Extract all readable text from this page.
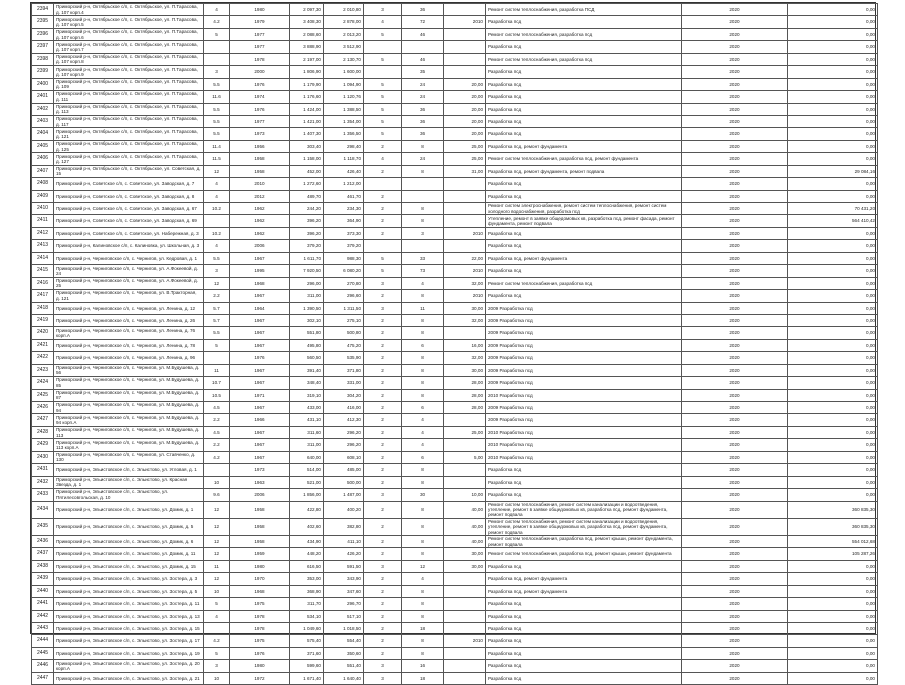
2394	Приморский р-н, Октябрьское с/п, с. Октябрьское, ул. П.Тарасова, д. 107 корп.4	4	1980	2 097,30	2 010,80	3	36		Ремонт систем теплоснабжения, разработка ПСД	2020	0,00
2395	Приморский р-н, Октябрьское с/п, с. Октябрьское, ул. П.Тарасова, д. 107 корп.5	4.2	1979	3 408,30	2 878,00	4	72	2010	Разработка псд	2020	0,00
2396	Приморский р-н, Октябрьское с/п, с. Октябрьское, ул. П.Тарасова, д. 107 корп.6	5	1977	2 088,60	2 013,20	5	46		Ремонт систем теплоснабжения, разработка псд	2020	0,00
2397	Приморский р-н, Октябрьское с/п, с. Октябрьское, ул. П.Тарасова, д. 107 корп.7		1977	3 888,90	3 512,90				Разработка псд	2020	0,00
2398	Приморский р-н, Октябрьское с/п, с. Октябрьское, ул. П.Тарасова, д. 107 корп.8		1978	2 197,00	2 130,70	5	46		Ремонт систем теплоснабжения, разработка псд	2020	0,00
2399	Приморский р-н, Октябрьское с/п, с. Октябрьское, ул. П.Тарасова, д. 107 корп.9	3	2000	1 806,90	1 600,00		35		Разработка псд	2020	0,00
2400	Приморский р-н, Октябрьское с/п, с. Октябрьское, ул. П.Тарасова, д. 109	5.5	1976	1 179,90	1 094,90	5	24	20,00	Разработка псд	2020	0,00
2401	Приморский р-н, Октябрьское с/п, с. Октябрьское, ул. П.Тарасова, д. 111	11.6	1974	1 176,60	1 120,76	5	24	20,00	Разработка псд	2020	0,00
2402	Приморский р-н, Октябрьское с/п, с. Октябрьское, ул. П.Тарасова, д. 113	5.5	1976	1 424,00	1 388,50	5	36	20,00	Разработка псд	2020	0,00
2403	Приморский р-н, Октябрьское с/п, с. Октябрьское, ул. П.Тарасова, д. 117	5.5	1977	1 421,00	1 354,00	5	36	20,00	Разработка псд	2020	0,00
2404	Приморский р-н, Октябрьское с/п, с. Октябрьское, ул. П.Тарасова, д. 121	5.5	1973	1 407,30	1 356,50	5	36	20,00	Разработка псд	2020	0,00
2405	Приморский р-н, Октябрьское с/п, с. Октябрьское, ул. П.Тарасова, д. 125	11.4	1956	303,40	298,40	2	8	25,00	Разработка псд, ремонт фундамента	2020	0,00
2406	Приморский р-н, Октябрьское с/п, с. Октябрьское, ул. П.Тарасова, д. 127	11.5	1958	1 158,00	1 118,70	4	24	25,00	Ремонт систем теплоснабжения, разработка псд, ремонт фундамента	2020	0,00
2407	Приморский р-н, Октябрьское с/п, с. Октябрьское, ул. Советская, д. 15	12	1958	452,00	426,40	2	8	31,00	Разработка псд, ремонт фундамента, ремонт подвала	2020	29 084,16
2408	Приморский р-н, Советское с/п, с. Советское, ул. Заводская, д. 7	4	2010	1 272,60	1 212,00				Разработка псд	2020	0,00
2409	Приморский р-н, Советское с/п, с. Советское, ул. Заводская, д. 8	4	2012	489,70	461,70	2			Разработка псд	2020	0,00
2410	Приморский р-н, Советское с/п, с. Советское, ул. Заводская, д. 67	10.2	1962	244,20	234,30	2	8		Ремонт систем электроснабжения, ремонт систем теплоснабжения, ремонт систем холодного водоснабжения, разработка псд	2020	70 431,20
2411	Приморский р-н, Советское с/п, с. Советское, ул. Заводская, д. 69		1962	396,20	364,90	2	8		Утепление, ремонт в заявке общедомовых кв, разработка псд, ремонт фасада, ремонт фундамента, ремонт подвала	2020	564 410,42
2412	Приморский р-н, Советское с/п, с. Советское, ул. Набережная, д. 3	10.2	1962	396,20	373,30	2	3	2010	Разработка псд	2020	0,00
2413	Приморский р-н, Калиновское с/п, с. Калиновка, ул. Школьная, д. 3	4	2006	379,20	379,20				Разработка псд	2020	0,00
2414	Приморский р-н, Черниговское с/п, с. Чернигов, ул. Кедровая, д. 1	5.5	1967	1 611,70	988,30	5	33	22,00	Разработка псд, ремонт фундамента	2020	0,00
2415	Приморский р-н, Черниговское с/п, с. Чернигов, ул. А.Фокеевой, д. 24	3	1995	7 920,50	6 080,20	5	73	2010	Разработка псд	2020	0,00
2416	Приморский р-н, Черниговское с/п, с. Чернигов, ул. А.Фокеевой, д. 25	12	1968	296,00	270,80	3	4	32,00	Ремонт систем теплоснабжения, разработка псд	2020	0,00
2417	Приморский р-н, Черниговское с/п, с. Чернигов, ул. В.Тракторная, д. 121	2.2	1967	311,00	296,60	2	8	2010	Разработка псд	2020	0,00
2418	Приморский р-н, Черниговское с/п, с. Чернигов, ул. Ленина, д. 12	5.7	1964	1 390,50	1 311,50	3	11	30,00	2009 Разработка псд	2020	0,00
2419	Приморский р-н, Черниговское с/п, с. Чернигов, ул. Ленина, д. 26	5.7	1967	302,10	275,10	2	8	32,00	2009 Разработка псд	2020	0,00
2420	Приморский р-н, Черниговское с/п, с. Чернигов, ул. Ленина, д. 76 корп.А	5.5	1967	551,80	500,80	2	8		2009 Разработка псд	2020	0,00
2421	Приморский р-н, Черниговское с/п, с. Чернигов, ул. Ленина, д. 78	5	1967	495,80	475,20	2	6	16,00	2009 Разработка псд	2020	0,00
2422	Приморский р-н, Черниговское с/п, с. Чернигов, ул. Ленина, д. 96		1976	560,50	535,90	2	8	32,00	2009 Разработка псд	2020	0,00
2423	Приморский р-н, Черниговское с/п, с. Чернигов, ул. М.Будушева, д. 56	11	1967	391,40	371,80	2	8	30,00	2009 Разработка псд	2020	0,00
2424	Приморский р-н, Черниговское с/п, с. Чернигов, ул. М.Будушева, д. 85	10.7	1967	348,40	331,00	2	8	28,00	2009 Разработка псд	2020	0,00
2425	Приморский р-н, Черниговское с/п, с. Чернигов, ул. М.Будушева, д. 87	10.5	1971	319,10	304,20	2	8	28,00	2010 Разработка псд	2020	0,00
2426	Приморский р-н, Черниговское с/п, с. Чернигов, ул. М.Будушева, д. 94	4.5	1967	433,00	416,00	2	6	28,00	2009 Разработка псд	2020	0,00
2427	Приморский р-н, Черниговское с/п, с. Чернигов, ул. М.Будушева, д. 94 корп.А	2.2	1966	431,10	412,30	2	4		2009 Разработка псд	2020	0,00
2428	Приморский р-н, Черниговское с/п, с. Чернигов, ул. М.Будушева, д. 113	4.5	1967	311,60	296,20	2	4	25,00	2010 Разработка псд	2020	0,00
2429	Приморский р-н, Черниговское с/п, с. Чернигов, ул. М.Будушева, д. 113 корп.А	2.2	1967	311,00	296,20	2	4		2010 Разработка псд	2020	0,00
2430	Приморский р-н, Черниговское с/п, с. Чернигов, ул. Ставченко, д. 130	4.2	1967	640,00	608,10	2	6	5,00	2010 Разработка псд	2020	0,00
2431	Приморский р-н, Эльистовское с/п, с. Эльистово, ул. Угловая, д. 1		1973	514,00	485,00	2	8		Разработка псд	2020	0,00
2432	Приморский р-н, Эльистовское с/п, с. Эльистово, ул. Красная Звезда, д. 1	10	1963	521,00	500,00	2	8		Разработка псд	2020	0,00
2433	Приморский р-н, Эльистовское с/п, с. Эльистово, ул. Пятилесовгольская, д. 10	9.6	2006	1 856,00	1 487,00	3	30	10,00	Разработка псд	2020	0,00
2434	Приморский р-н, Эльистовское с/п, с. Эльистово, ул. Домик, д. 1	12	1958	422,80	400,20	2	8	40,00	Ремонт систем теплоснабжения, ремонт систем канализации и водоотведения, утепление, ремонт в заявке общедомовых кв, разработка псд, ремонт фундамента, ремонт подвала	2020	360 835,30
2435	Приморский р-н, Эльистовское с/п, с. Эльистово, ул. Домик, д. 5	12	1958	402,60	382,80	2	8	40,00	Ремонт систем теплоснабжения, ремонт систем канализации и водоотведения, утепление, ремонт в заявке общедомовых кв, разработка псд, ремонт фундамента, ремонт подвала	2020	360 835,30
2436	Приморский р-н, Эльистовское с/п, с. Эльистово, ул. Домик, д. 6	12	1958	434,90	411,10	2	8	40,00	Ремонт систем теплоснабжения, разработка псд, ремонт крыши, ремонт фундамента, ремонт подвала	2020	554 012,68
2437	Приморский р-н, Эльистовское с/п, с. Эльистово, ул. Домик, д. 11	12	1959	448,20	426,20	2	8	30,00	Ремонт систем теплоснабжения, разработка псд, ремонт крыши, ремонт фундамента	2020	105 287,26
2438	Приморский р-н, Эльистовское с/п, с. Эльистово, ул. Домик, д. 15	11	1980	616,50	591,50	3	12	30,00	Разработка псд	2020	0,00
2439	Приморский р-н, Эльистовское с/п, с. Эльистово, ул. Зостера, д. 3	12	1970	353,00	343,90	2	4		Разработка псд, ремонт фундамента	2020	0,00
2440	Приморский р-н, Эльистовское с/п, с. Эльистово, ул. Зостера, д. 5	10	1968	368,90	347,60	2	8		Разработка псд, ремонт фундамента	2020	0,00
2441	Приморский р-н, Эльистовское с/п, с. Эльистово, ул. Зостера, д. 11	5	1975	311,70	296,70	2	8		Разработка псд	2020	0,00
2442	Приморский р-н, Эльистовское с/п, с. Эльистово, ул. Зостера, д. 13	4	1978	534,10	517,10	2	8		Разработка псд	2020	0,00
2443	Приморский р-н, Эльистовское с/п, с. Эльистово, ул. Зостера, д. 15		1978	1 049,60	1 018,50	2	18		Разработка псд	2020	0,00
2444	Приморский р-н, Эльистовское с/п, с. Эльистово, ул. Зостера, д. 17	4.2	1975	575,40	554,40	2	8	2010	Разработка псд	2020	0,00
2445	Приморский р-н, Эльистовское с/п, с. Эльистово, ул. Зостера, д. 19	5	1976	371,60	350,60	2	8		Разработка псд	2020	0,00
2446	Приморский р-н, Эльистовское с/п, с. Эльистово, ул. Зостера, д. 20 корп.А	3	1980	599,60	551,40	3	16		Разработка псд	2020	0,00
2447	Приморский р-н, Эльистовское с/п, с. Эльистово, ул. Зостера, д. 21	10	1972	1 671,40	1 640,40	3	18		Разработка псд	2020	0,00
